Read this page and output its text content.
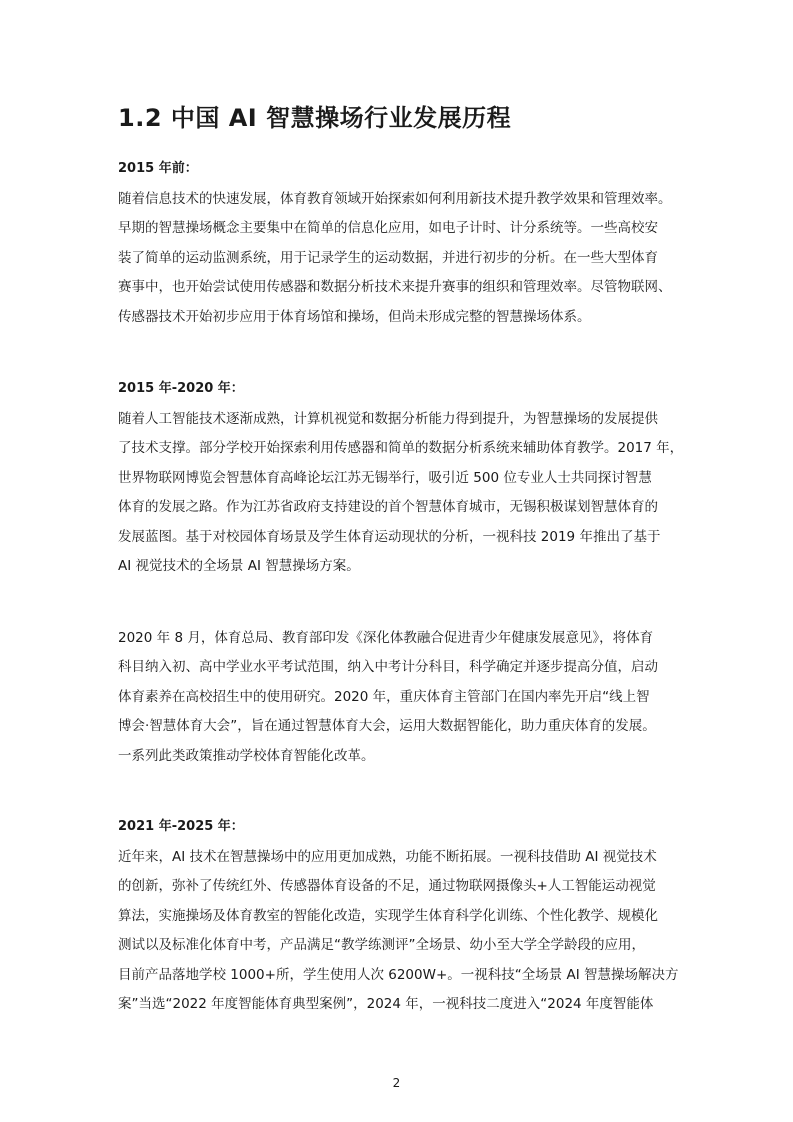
1.2 中国 AI 智慧操场行业发展历程

2015 年前：

随着信息技术的快速发展，体育教育领域开始探索如何利用新技术提升教学效果和管理效率。
早期的智慧操场概念主要集中在简单的信息化应用，如电子计时、计分系统等。一些高校安
装了简单的运动监测系统，用于记录学生的运动数据，并进行初步的分析。在一些大型体育
赛事中，也开始尝试使用传感器和数据分析技术来提升赛事的组织和管理效率。尽管物联网、
传感器技术开始初步应用于体育场馆和操场，但尚未形成完整的智慧操场体系。

2015 年-2020 年：

随着人工智能技术逐渐成熟，计算机视觉和数据分析能力得到提升，为智慧操场的发展提供
了技术支撑。部分学校开始探索利用传感器和简单的数据分析系统来辅助体育教学。2017 年，
世界物联网博览会智慧体育高峰论坛江苏无锡举行，吸引近 500 位专业人士共同探讨智慧
体育的发展之路。作为江苏省政府支持建设的首个智慧体育城市，无锡积极谋划智慧体育的
发展蓝图。基于对校园体育场景及学生体育运动现状的分析，一视科技 2019 年推出了基于
AI 视觉技术的全场景 AI 智慧操场方案。

2020 年 8 月，体育总局、教育部印发《深化体教融合促进青少年健康发展意见》，将体育
科目纳入初、高中学业水平考试范围，纳入中考计分科目，科学确定并逐步提高分值，启动
体育素养在高校招生中的使用研究。2020 年，重庆体育主管部门在国内率先开启“线上智
博会·智慧体育大会”，旨在通过智慧体育大会，运用大数据智能化，助力重庆体育的发展。
一系列此类政策推动学校体育智能化改革。

2021 年-2025 年：

近年来，AI 技术在智慧操场中的应用更加成熟，功能不断拓展。一视科技借助 AI 视觉技术
的创新，弥补了传统红外、传感器体育设备的不足，通过物联网摄像头+人工智能运动视觉
算法，实施操场及体育教室的智能化改造，实现学生体育科学化训练、个性化教学、规模化
测试以及标准化体育中考，产品满足“教学练测评”全场景、幼小至大学全学龄段的应用，
目前产品落地学校 1000+所，学生使用人次 6200W+。一视科技“全场景 AI 智慧操场解决方
案”当选“2022 年度智能体育典型案例”，2024 年，一视科技二度进入“2024 年度智能体

2
